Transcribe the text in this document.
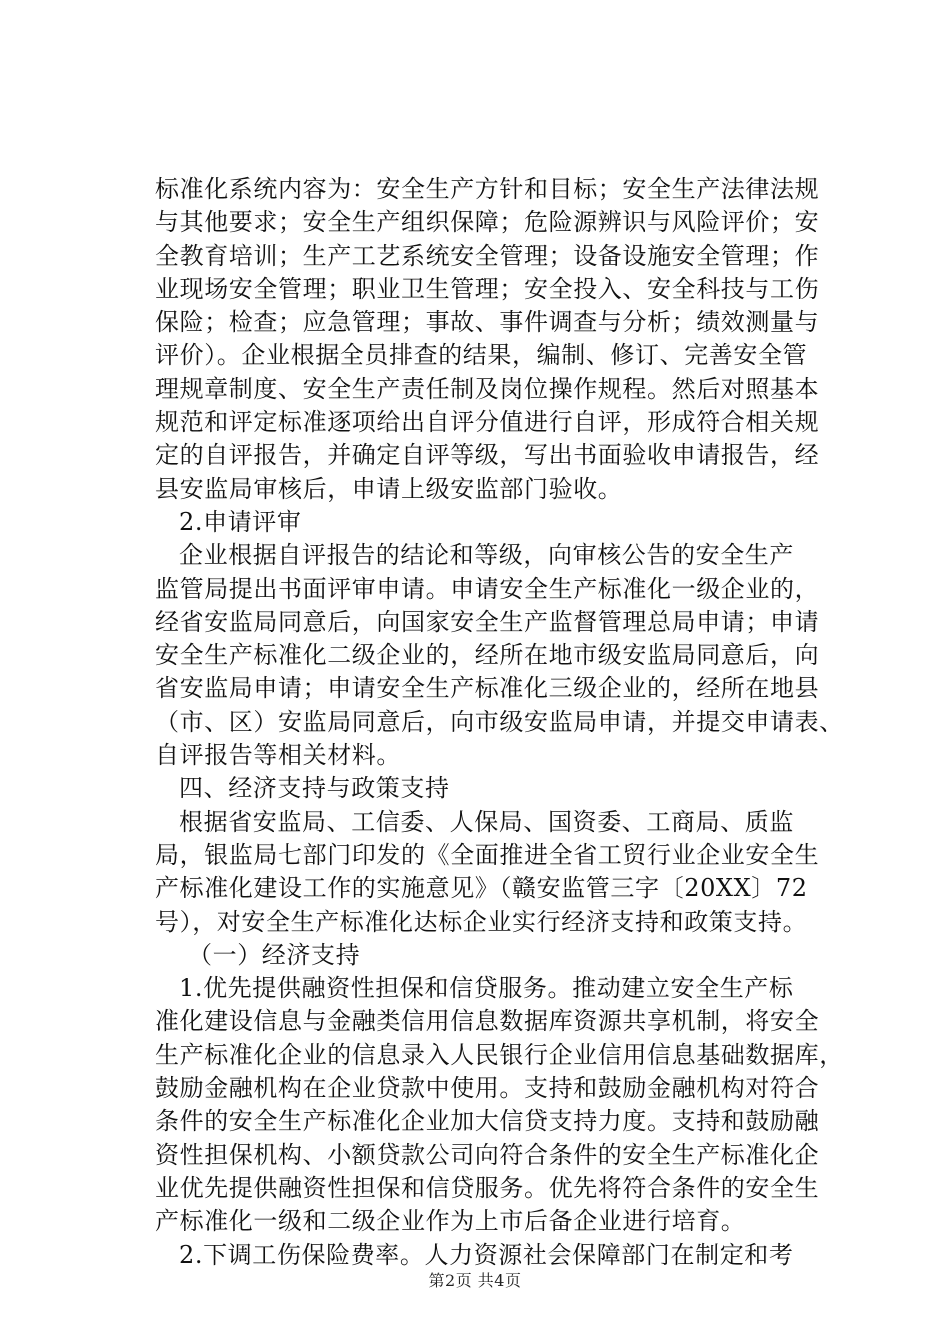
标准化系统内容为：安全生产方针和目标；安全生产法律法规
与其他要求；安全生产组织保障；危险源辨识与风险评价；安
全教育培训；生产工艺系统安全管理；设备设施安全管理；作
业现场安全管理；职业卫生管理；安全投入、安全科技与工伤
保险；检查；应急管理；事故、事件调查与分析；绩效测量与
评价）。企业根据全员排查的结果，编制、修订、完善安全管
理规章制度、安全生产责任制及岗位操作规程。然后对照基本
规范和评定标准逐项给出自评分值进行自评，形成符合相关规
定的自评报告，并确定自评等级，写出书面验收申请报告，经
县安监局审核后，申请上级安监部门验收。
2.申请评审
企业根据自评报告的结论和等级，向审核公告的安全生产
监管局提出书面评审申请。申请安全生产标准化一级企业的，
经省安监局同意后，向国家安全生产监督管理总局申请；申请
安全生产标准化二级企业的，经所在地市级安监局同意后，向
省安监局申请；申请安全生产标准化三级企业的，经所在地县
（市、区）安监局同意后，向市级安监局申请，并提交申请表、
自评报告等相关材料。
四、经济支持与政策支持
根据省安监局、工信委、人保局、国资委、工商局、质监
局，银监局七部门印发的《全面推进全省工贸行业企业安全生
产标准化建设工作的实施意见》（赣安监管三字〔20XX〕72
号），对安全生产标准化达标企业实行经济支持和政策支持。
（一）经济支持
1.优先提供融资性担保和信贷服务。推动建立安全生产标
准化建设信息与金融类信用信息数据库资源共享机制，将安全
生产标准化企业的信息录入人民银行企业信用信息基础数据库，
鼓励金融机构在企业贷款中使用。支持和鼓励金融机构对符合
条件的安全生产标准化企业加大信贷支持力度。支持和鼓励融
资性担保机构、小额贷款公司向符合条件的安全生产标准化企
业优先提供融资性担保和信贷服务。优先将符合条件的安全生
产标准化一级和二级企业作为上市后备企业进行培育。
2.下调工伤保险费率。人力资源社会保障部门在制定和考
第2页 共4页
